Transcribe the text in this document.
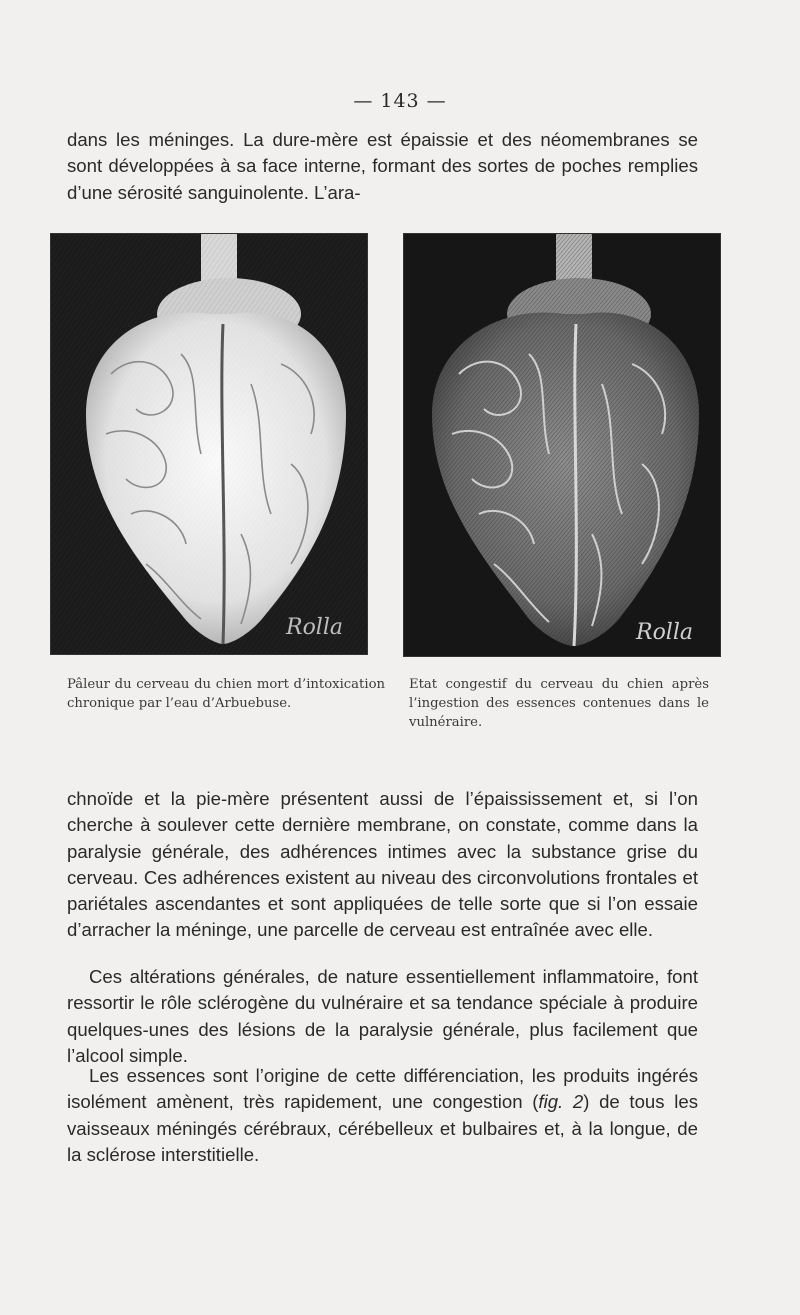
— 143 —

dans les méninges. La dure-mère est épaissie et des néomembranes se sont développées à sa face interne, formant des sortes de poches remplies d’une sérosité sanguinolente. L’ara-

Rolla	Rolla

Pâleur du cerveau du chien mort d’intoxication chronique par l’eau d’Arbuebuse.

Etat congestif du cerveau du chien après l’ingestion des essences contenues dans le vulnéraire.

chnoïde et la pie-mère présentent aussi de l’épaississement et, si l’on cherche à soulever cette dernière membrane, on constate, comme dans la paralysie générale, des adhérences intimes avec la substance grise du cerveau. Ces adhérences existent au niveau des circonvolutions frontales et pariétales ascendantes et sont appliquées de telle sorte que si l’on essaie d’arracher la méninge, une parcelle de cerveau est entraînée avec elle.

Ces altérations générales, de nature essentiellement inflammatoire, font ressortir le rôle sclérogène du vulnéraire et sa tendance spéciale à produire quelques-unes des lésions de la paralysie générale, plus facilement que l’alcool simple.

Les essences sont l’origine de cette différenciation, les produits ingérés isolément amènent, très rapidement, une congestion (fig. 2) de tous les vaisseaux méningés cérébraux, cérébelleux et bulbaires et, à la longue, de la sclérose interstitielle.
